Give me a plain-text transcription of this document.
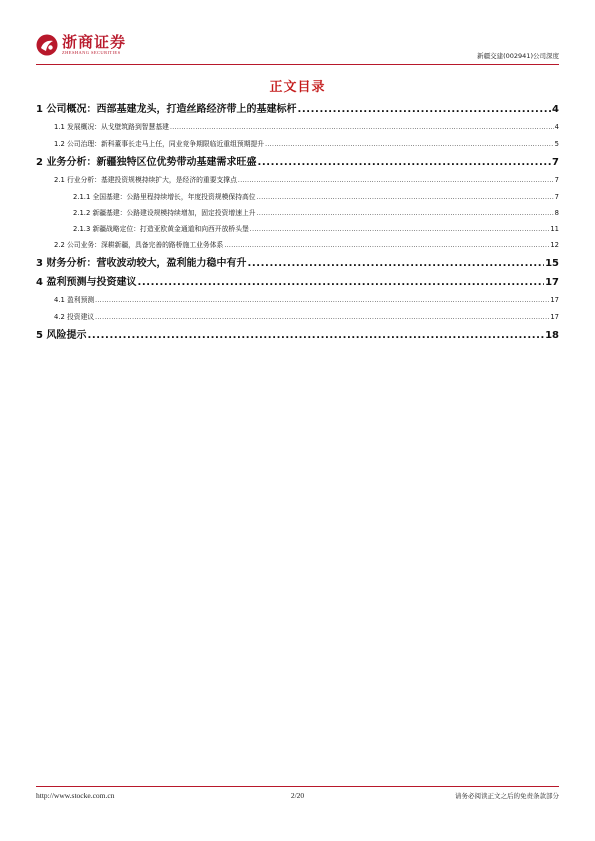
浙商证券
ZHESHANG SECURITIES	新疆交建(002941)公司深度
正文目录
1 公司概况：西部基建龙头，打造丝路经济带上的基建标杆 .....	4
1.1 发展概况：从戈壁筑路到智慧基建 .....	4
1.2 公司治理：新科董事长走马上任，同业竞争期限临近重组预期提升 .....	5
2 业务分析：新疆独特区位优势带动基建需求旺盛 .....	7
2.1 行业分析：基建投资规模持续扩大，是经济的重要支撑点 .....	7
2.1.1 全国基建：公路里程持续增长，年度投资规模保持高位 .....	7
2.1.2 新疆基建：公路建设规模持续增加，固定投资增速上升 .....	8
2.1.3 新疆战略定位：打造亚欧黄金通道和向西开放桥头堡 .....	11
2.2 公司业务：深耕新疆，具备完善的路桥施工业务体系 .....	12
3 财务分析：营收波动较大，盈利能力稳中有升 .....	15
4 盈利预测与投资建议 .....	17
4.1 盈利预测 .....	17
4.2 投资建议 .....	17
5 风险提示 .....	18
http://www.stocke.com.cn	2/20	请务必阅读正文之后的免责条款部分
